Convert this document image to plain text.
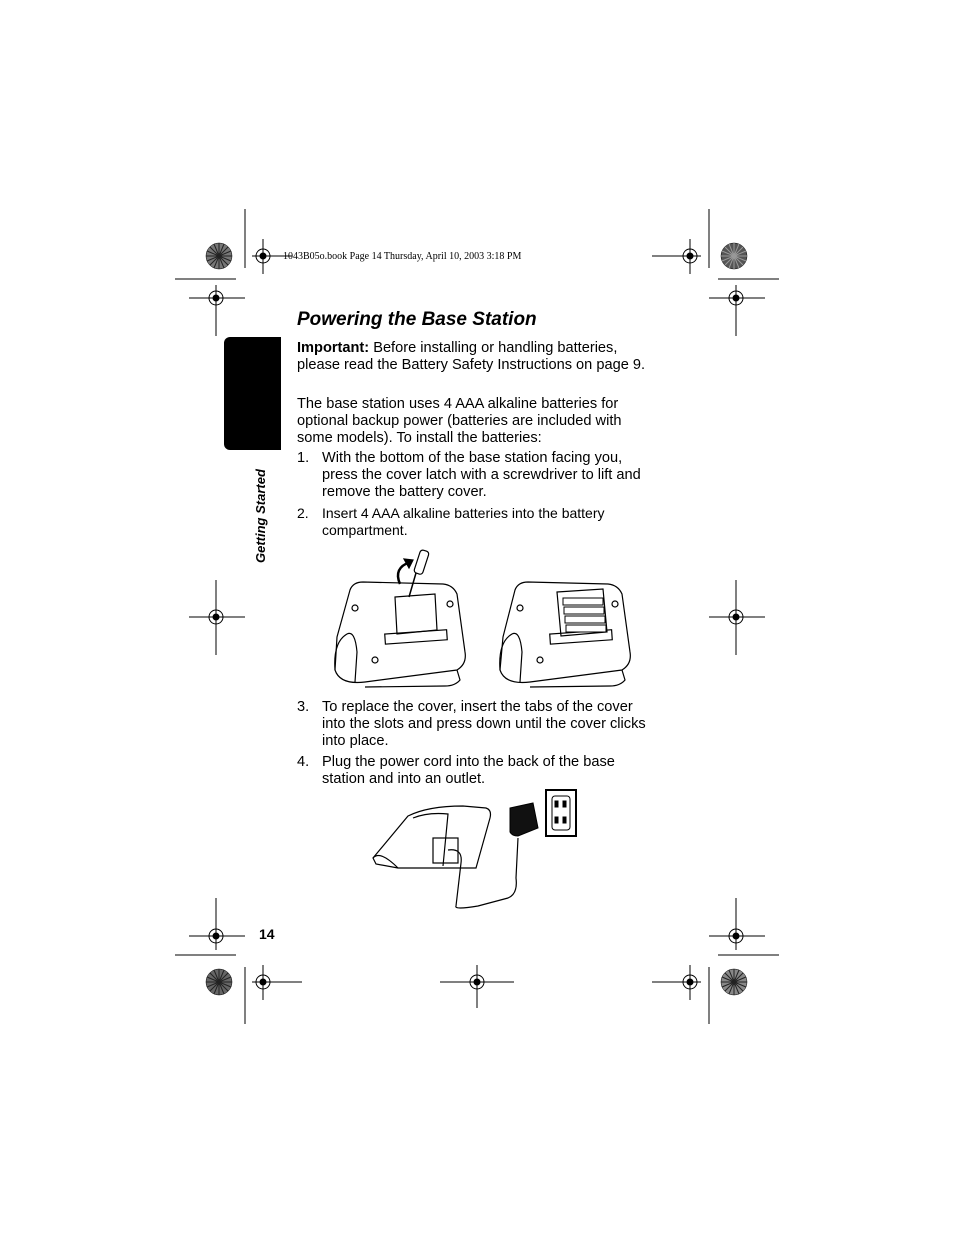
1043B05o.book Page 14 Thursday, April 10, 2003 3:18 PM
Getting Started
Powering the Base Station
Important: Before installing or handling batteries, please read the Battery Safety Instructions on page 9.
The base station uses 4 AAA alkaline batteries for optional backup power (batteries are included with some models). To install the batteries:
1. With the bottom of the base station facing you, press the cover latch with a screwdriver to lift and remove the battery cover.
2. Insert 4 AAA alkaline batteries into the battery compartment.
3. To replace the cover, insert the tabs of the cover into the slots and press down until the cover clicks into place.
4. Plug the power cord into the back of the base station and into an outlet.
14
